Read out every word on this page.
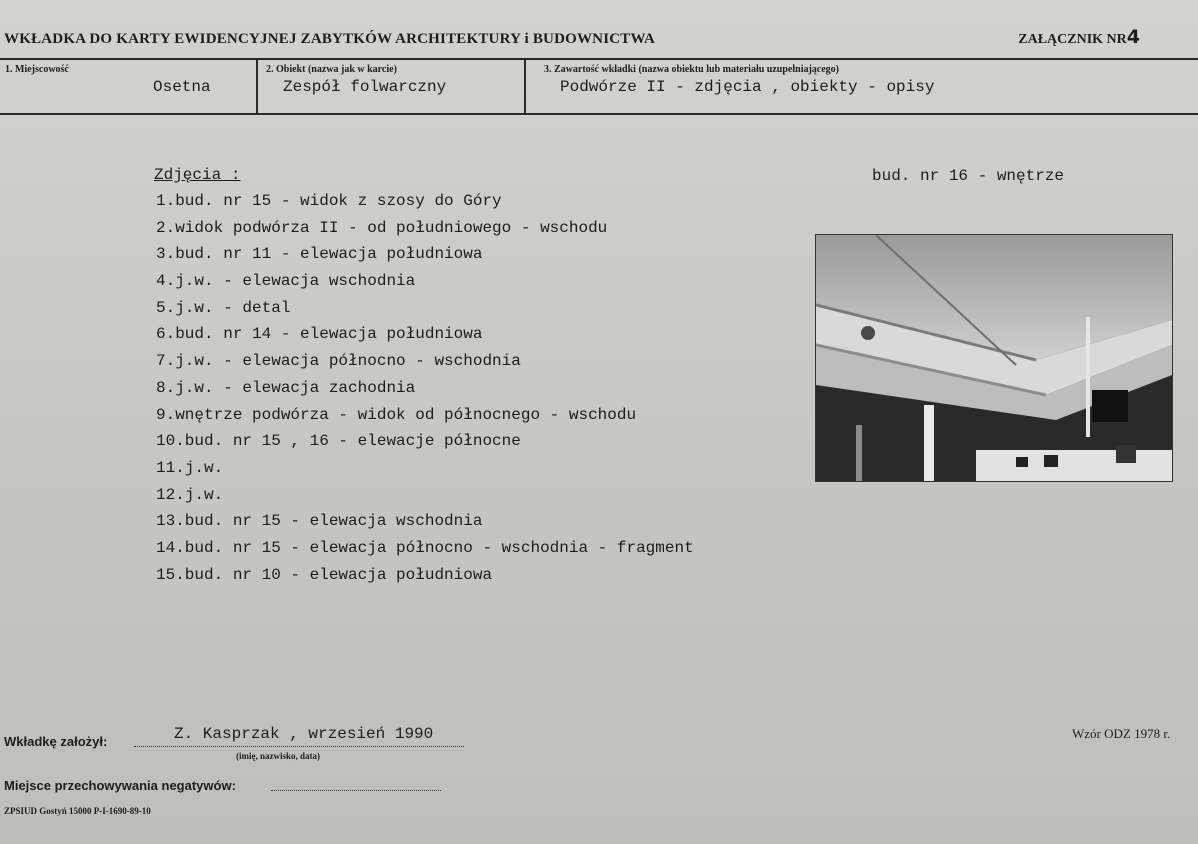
WKŁADKA DO KARTY EWIDENCYJNEJ ZABYTKÓW ARCHITEKTURY i BUDOWNICTWA	ZAŁĄCZNIK NR4
1. Miejscowość
Osetna
2. Obiekt (nazwa jak w karcie)
Zespół folwarczny
3. Zawartość wkładki (nazwa obiektu lub materiału uzupełniającego)
Podwórze II - zdjęcia , obiekty - opisy
Zdjęcia :
1.bud. nr 15 - widok z szosy do Góry
2.widok podwórza II - od południowego - wschodu
3.bud. nr 11 - elewacja południowa
4.j.w. - elewacja wschodnia
5.j.w. - detal
6.bud. nr 14 - elewacja południowa
7.j.w. - elewacja północno - wschodnia
8.j.w. - elewacja zachodnia
9.wnętrze podwórza - widok od północnego - wschodu
10.bud. nr 15 , 16 - elewacje północne
11.j.w.
12.j.w.
13.bud. nr 15 - elewacja wschodnia
14.bud. nr 15 - elewacja północno - wschodnia - fragment
15.bud. nr 10 - elewacja południowa
bud. nr 16 - wnętrze
Wkładkę założył:	Z. Kasprzak , wrzesień 1990
(imię, nazwisko, data)
Wzór ODZ 1978 r.
Miejsce przechowywania negatywów:
ZPSIUD Gostyń 15000 P-I-1690-89-10
